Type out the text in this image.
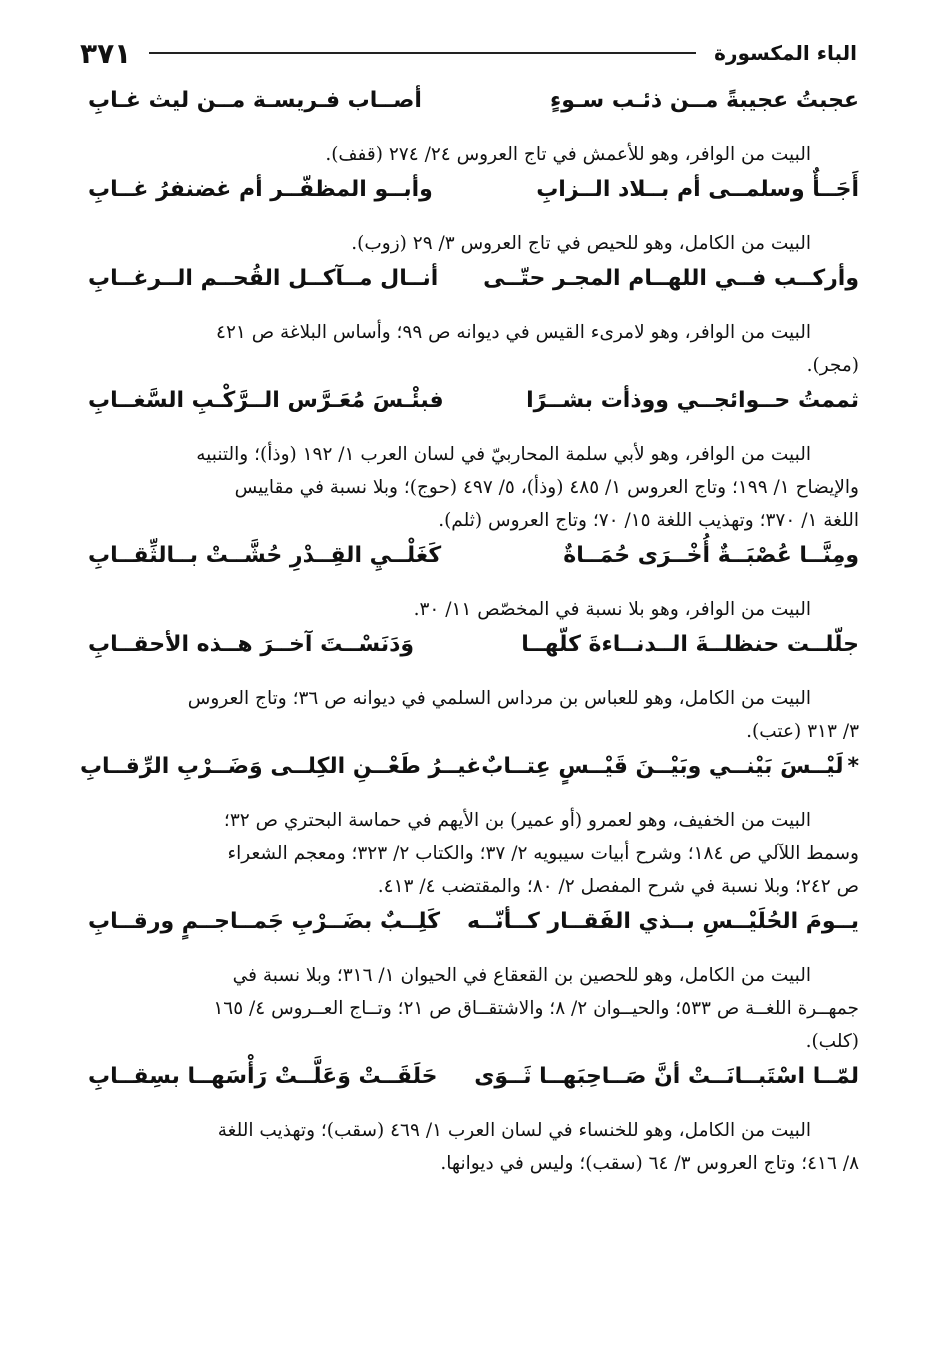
الباء المكسورة
٣٧١
عجبتُ عجيبةً مــن ذئـب سـوءٍ
أصــاب فـريسـة مــن ليث غـابِ
البيت من الوافر، وهو للأعمش في تاج العروس ٢٤/ ٢٧٤ (قفف).
أَجَــأٌ وسلمــى أم بــلاد الــزابِ
وأبــو المظفّــر أم غضنفرُ غــابِ
البيت من الكامل، وهو للحيص في تاج العروس ٣/ ٢٩ (زوب).
وأركــب فــي اللهــام المجـر حتّــى
أنــال مــآكــل القُحــم الــرغــابِ
البيت من الوافر، وهو لامرىء القيس في ديوانه ص ٩٩؛ وأساس البلاغة ص ٤٢١
(مجر).
ثممتُ حــوائجــي ووذأت بشــرًا
فبئْـسَ مُعَـرَّس الــرَّكْـبِ السَّغــابِ
البيت من الوافر، وهو لأبي سلمة المحاربيّ في لسان العرب ١/ ١٩٢ (وذأ)؛ والتنبيه
والإيضاح ١/ ١٩٩؛ وتاج العروس ١/ ٤٨٥ (وذأ)، ٥/ ٤٩٧ (حوج)؛ وبلا نسبة في مقاييس
اللغة ١/ ٣٧٠؛ وتهذيب اللغة ١٥/ ٧٠؛ وتاج العروس (ثلم).
ومِنَّــا عُصْبَــةٌ أُخْــرَى حُمَــاةٌ
كَغَلْــيِ القِــدْرِ حُشَّــتْ بــالثِّقــابِ
البيت من الوافر، وهو بلا نسبة في المخصّص ١١/ ٣٠.
جلّلــت حنظلــةَ الــدنــاءةَ كلّهــا
وَدَنَسْــتَ آخــرَ هــذه الأحقــابِ
البيت من الكامل، وهو للعباس بن مرداس السلمي في ديوانه ص ٣٦؛ وتاج العروس
٣/ ٣١٣ (عتب).
*لَيْــسَ بَيْنــي وبَيْــنَ قَيْــسٍ عِتــابٌ
غيــرُ طَعْــنِ الكِلــى وَضَــرْبِ الرِّقــابِ
البيت من الخفيف، وهو لعمرو (أو عمير) بن الأيهم في حماسة البحتري ص ٣٢؛
وسمط اللآلي ص ١٨٤؛ وشرح أبيات سيبويه ٢/ ٣٧؛ والكتاب ٢/ ٣٢٣؛ ومعجم الشعراء
ص ٢٤٢؛ وبلا نسبة في شرح المفصل ٢/ ٨٠؛ والمقتضب ٤/ ٤١٣.
يــومَ الحُلَيْــسِ بــذي الفَقــار كــأنّــه
كَلِــبٌ بضَــرْبِ جَمــاجــمٍ ورقــابِ
البيت من الكامل، وهو للحصين بن القعقاع في الحيوان ١/ ٣١٦؛ وبلا نسبة في
جمهــرة اللغــة ص ٥٣٣؛ والحيــوان ٢/ ٨؛ والاشتقــاق ص ٢١؛ وتــاج العــروس ٤/ ١٦٥
(كلب).
لمّــا اسْتَبــانَــتْ أنَّ صَــاحِبَهــا ثَــوَى
حَلَقَــتْ وَعَلَّــتْ رَأْسَهــا بسِقــابِ
البيت من الكامل، وهو للخنساء في لسان العرب ١/ ٤٦٩ (سقب)؛ وتهذيب اللغة
٨/ ٤١٦؛ وتاج العروس ٣/ ٦٤ (سقب)؛ وليس في ديوانها.
